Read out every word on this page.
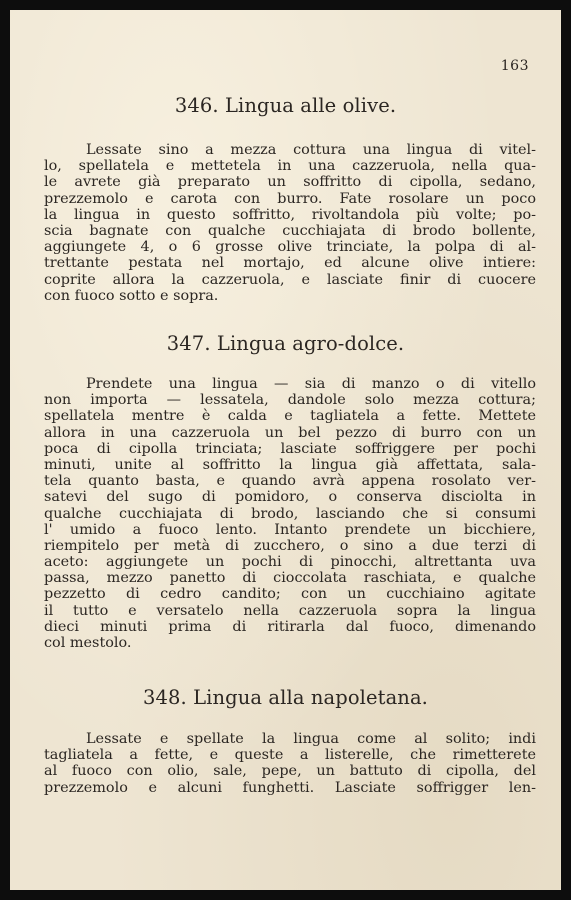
163
346. Lingua alle olive.
Lessate sino a mezza cottura una lingua di vitel-
lo, spellatela e mettetela in una cazzeruola, nella qua-
le avrete già preparato un soffritto di cipolla, sedano,
prezzemolo e carota con burro. Fate rosolare un poco
la lingua in questo soffritto, rivoltandola più volte; po-
scia bagnate con qualche cucchiajata di brodo bollente,
aggiungete 4, o 6 grosse olive trinciate, la polpa di al-
trettante pestata nel mortajo, ed alcune olive intiere:
coprite allora la cazzeruola, e lasciate finir di cuocere
con fuoco sotto e sopra.
347. Lingua agro-dolce.
Prendete una lingua — sia di manzo o di vitello
non importa — lessatela, dandole solo mezza cottura;
spellatela mentre è calda e tagliatela a fette. Mettete
allora in una cazzeruola un bel pezzo di burro con un
poca di cipolla trinciata; lasciate soffriggere per pochi
minuti, unite al soffritto la lingua già affettata, sala-
tela quanto basta, e quando avrà appena rosolato ver-
satevi del sugo di pomidoro, o conserva disciolta in
qualche cucchiajata di brodo, lasciando che si consumi
l' umido a fuoco lento. Intanto prendete un bicchiere,
riempitelo per metà di zucchero, o sino a due terzi di
aceto: aggiungete un pochi di pinocchi, altrettanta uva
passa, mezzo panetto di cioccolata raschiata, e qualche
pezzetto di cedro candito; con un cucchiaino agitate
il tutto e versatelo nella cazzeruola sopra la lingua
dieci minuti prima di ritirarla dal fuoco, dimenando
col mestolo.
348. Lingua alla napoletana.
Lessate e spellate la lingua come al solito; indi
tagliatela a fette, e queste a listerelle, che rimetterete
al fuoco con olio, sale, pepe, un battuto di cipolla, del
prezzemolo e alcuni funghetti. Lasciate soffrigger len-
